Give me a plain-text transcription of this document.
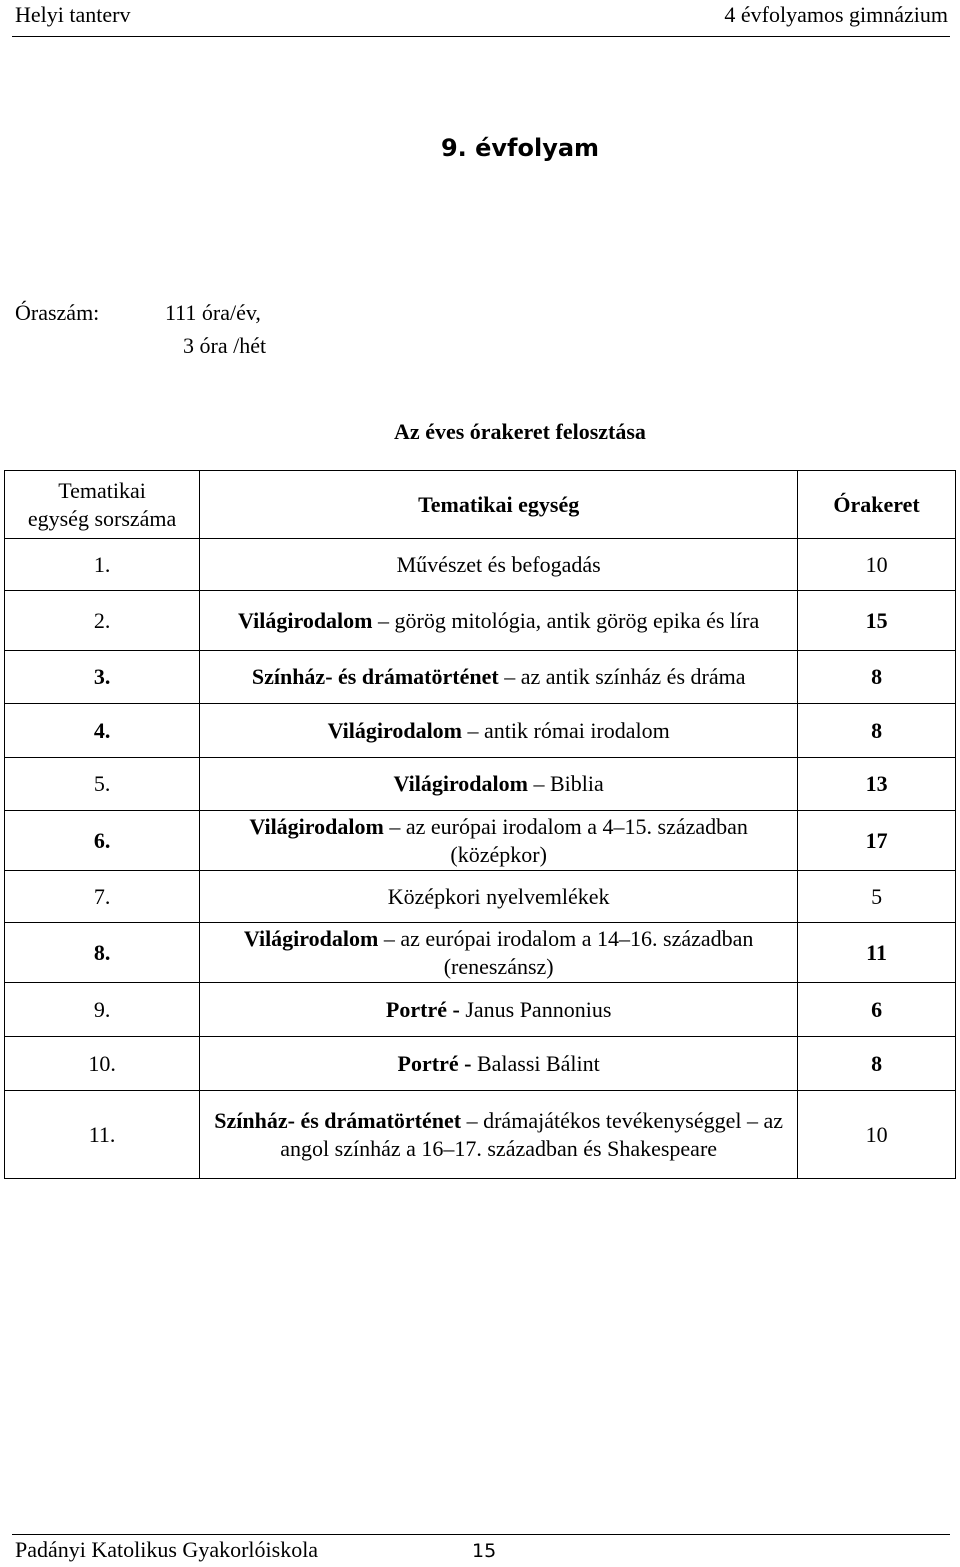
Helyi tanterv	4 évfolyamos gimnázium
9. évfolyam
Óraszám:	111 óra/év,
3 óra /hét
Az éves órakeret felosztása
Tematikai
egység sorszáma	Tematikai egység	Órakeret
1.	Művészet és befogadás	10
2.	Világirodalom – görög mitológia, antik görög epika és líra	15
3.	Színház- és drámatörténet – az antik színház és dráma	8
4.	Világirodalom – antik római irodalom	8
5.	Világirodalom – Biblia	13
6.	Világirodalom – az európai irodalom a 4–15. században (középkor)	17
7.	Középkori nyelvemlékek	5
8.	Világirodalom – az európai irodalom a 14–16. században (reneszánsz)	11
9.	Portré - Janus Pannonius	6
10.	Portré - Balassi Bálint	8
11.	Színház- és drámatörténet – drámajátékos tevékenységgel – az angol színház a 16–17. században és Shakespeare	10
Padányi Katolikus Gyakorlóiskola	15
